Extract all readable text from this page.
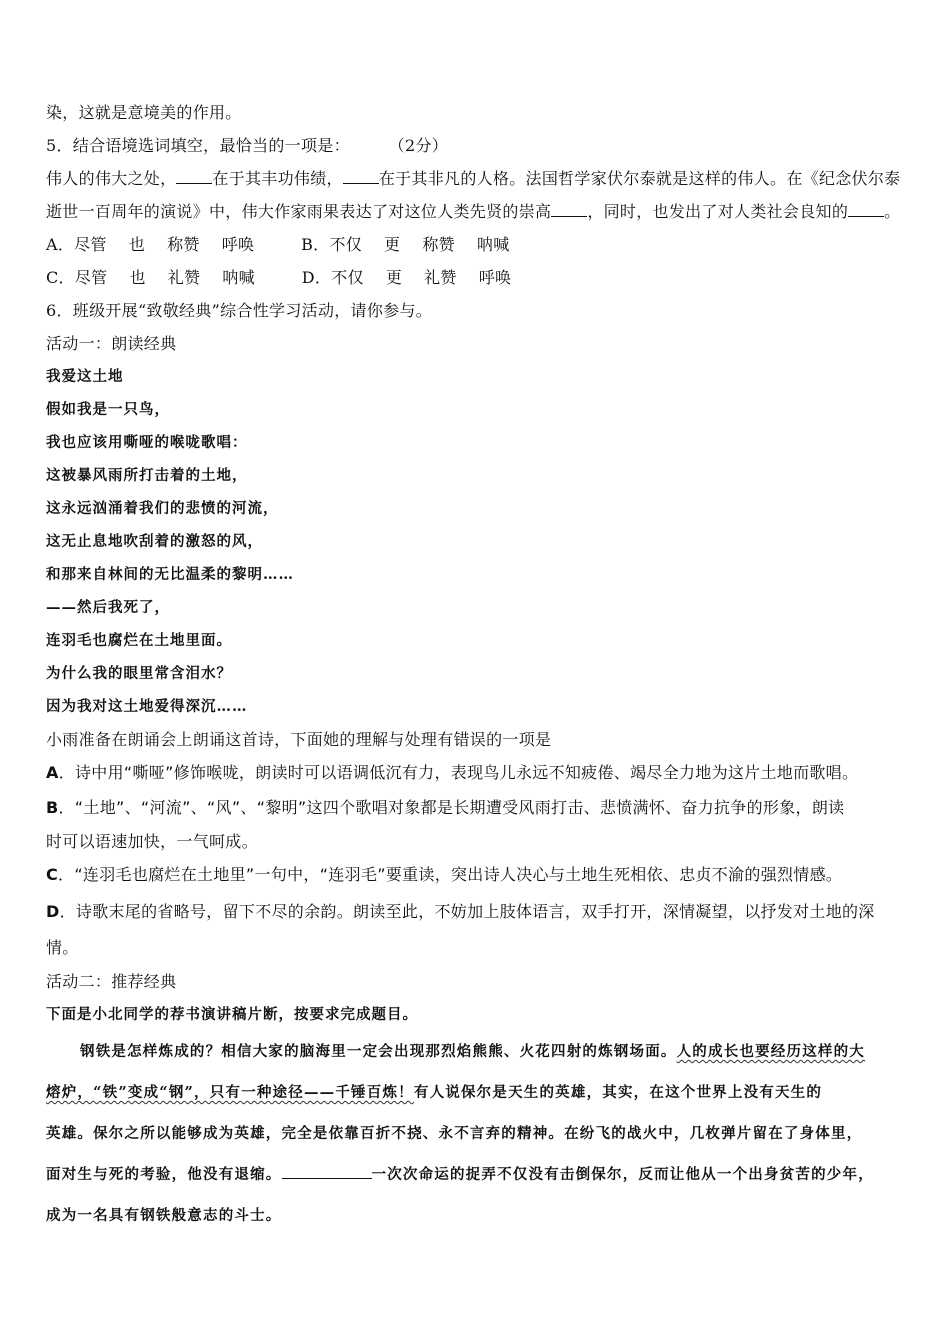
染，这就是意境美的作用。

5．结合语境选词填空，最恰当的一项是： （2分）

伟人的伟大之处， 在于其丰功伟绩， 在于其非凡的人格。法国哲学家伏尔泰就是这样的伟人。在《纪念伏尔泰

逝世一百周年的演说》中，伟大作家雨果表达了对这位人类先贤的崇高 ，同时，也发出了对人类社会良知的 。

A．尽管 也 称赞 呼唤	B．不仅 更 称赞 呐喊

C．尽管 也 礼赞 呐喊	D．不仅 更 礼赞 呼唤

6．班级开展“致敬经典”综合性学习活动，请你参与。

活动一：朗读经典

我爱这土地

假如我是一只鸟，

我也应该用嘶哑的喉咙歌唱：

这被暴风雨所打击着的土地，

这永远汹涌着我们的悲愤的河流，

这无止息地吹刮着的激怒的风，

和那来自林间的无比温柔的黎明……

——然后我死了，

连羽毛也腐烂在土地里面。

为什么我的眼里常含泪水？

因为我对这土地爱得深沉……

小雨准备在朗诵会上朗诵这首诗，下面她的理解与处理有错误的一项是

A．诗中用“嘶哑”修饰喉咙，朗读时可以语调低沉有力，表现鸟儿永远不知疲倦、竭尽全力地为这片土地而歌唱。

B．“土地”、“河流”、“风”、“黎明”这四个歌唱对象都是长期遭受风雨打击、悲愤满怀、奋力抗争的形象，朗读

时可以语速加快，一气呵成。

C．“连羽毛也腐烂在土地里”一句中，“连羽毛”要重读，突出诗人决心与土地生死相依、忠贞不渝的强烈情感。

D．诗歌末尾的省略号，留下不尽的余韵。朗读至此，不妨加上肢体语言，双手打开，深情凝望，以抒发对土地的深

情。

活动二：推荐经典

下面是小北同学的荐书演讲稿片断，按要求完成题目。

钢铁是怎样炼成的？相信大家的脑海里一定会出现那烈焰熊熊、火花四射的炼钢场面。人的成长也要经历这样的大

熔炉，“铁”变成“钢”，只有一种途径——千锤百炼！有人说保尔是天生的英雄，其实，在这个世界上没有天生的

英雄。保尔之所以能够成为英雄，完全是依靠百折不挠、永不言弃的精神。在纷飞的战火中，几枚弹片留在了身体里，

面对生与死的考验，他没有退缩。	一次次命运的捉弄不仅没有击倒保尔，反而让他从一个出身贫苦的少年，

成为一名具有钢铁般意志的斗士。
